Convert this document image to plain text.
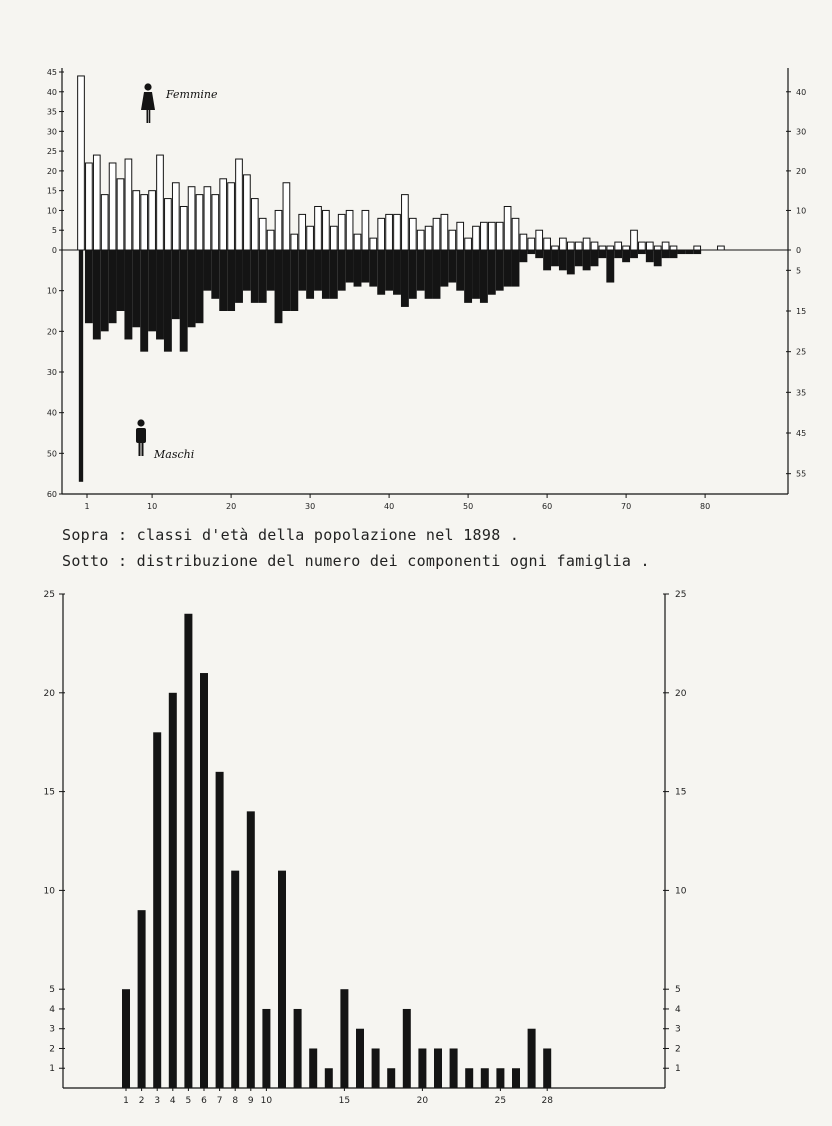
45
40
35
30
25
20
15
10
5
0
10
20
30
40
50
60
40
30
20
10
0
5
15
25
35
45
55
1	10	20	30	40	50	60	70	80
Femmine
Maschi
Sopra : classi d'età della popolazione nel 1898 .
Sotto : distribuzione del numero dei componenti ogni famiglia .
25
20
15
10
5
4
3
2
1
25
20
15
10
5
4
3
2
1
1 2 3 4 5 6 7 8 9 10	15	20	25	28
